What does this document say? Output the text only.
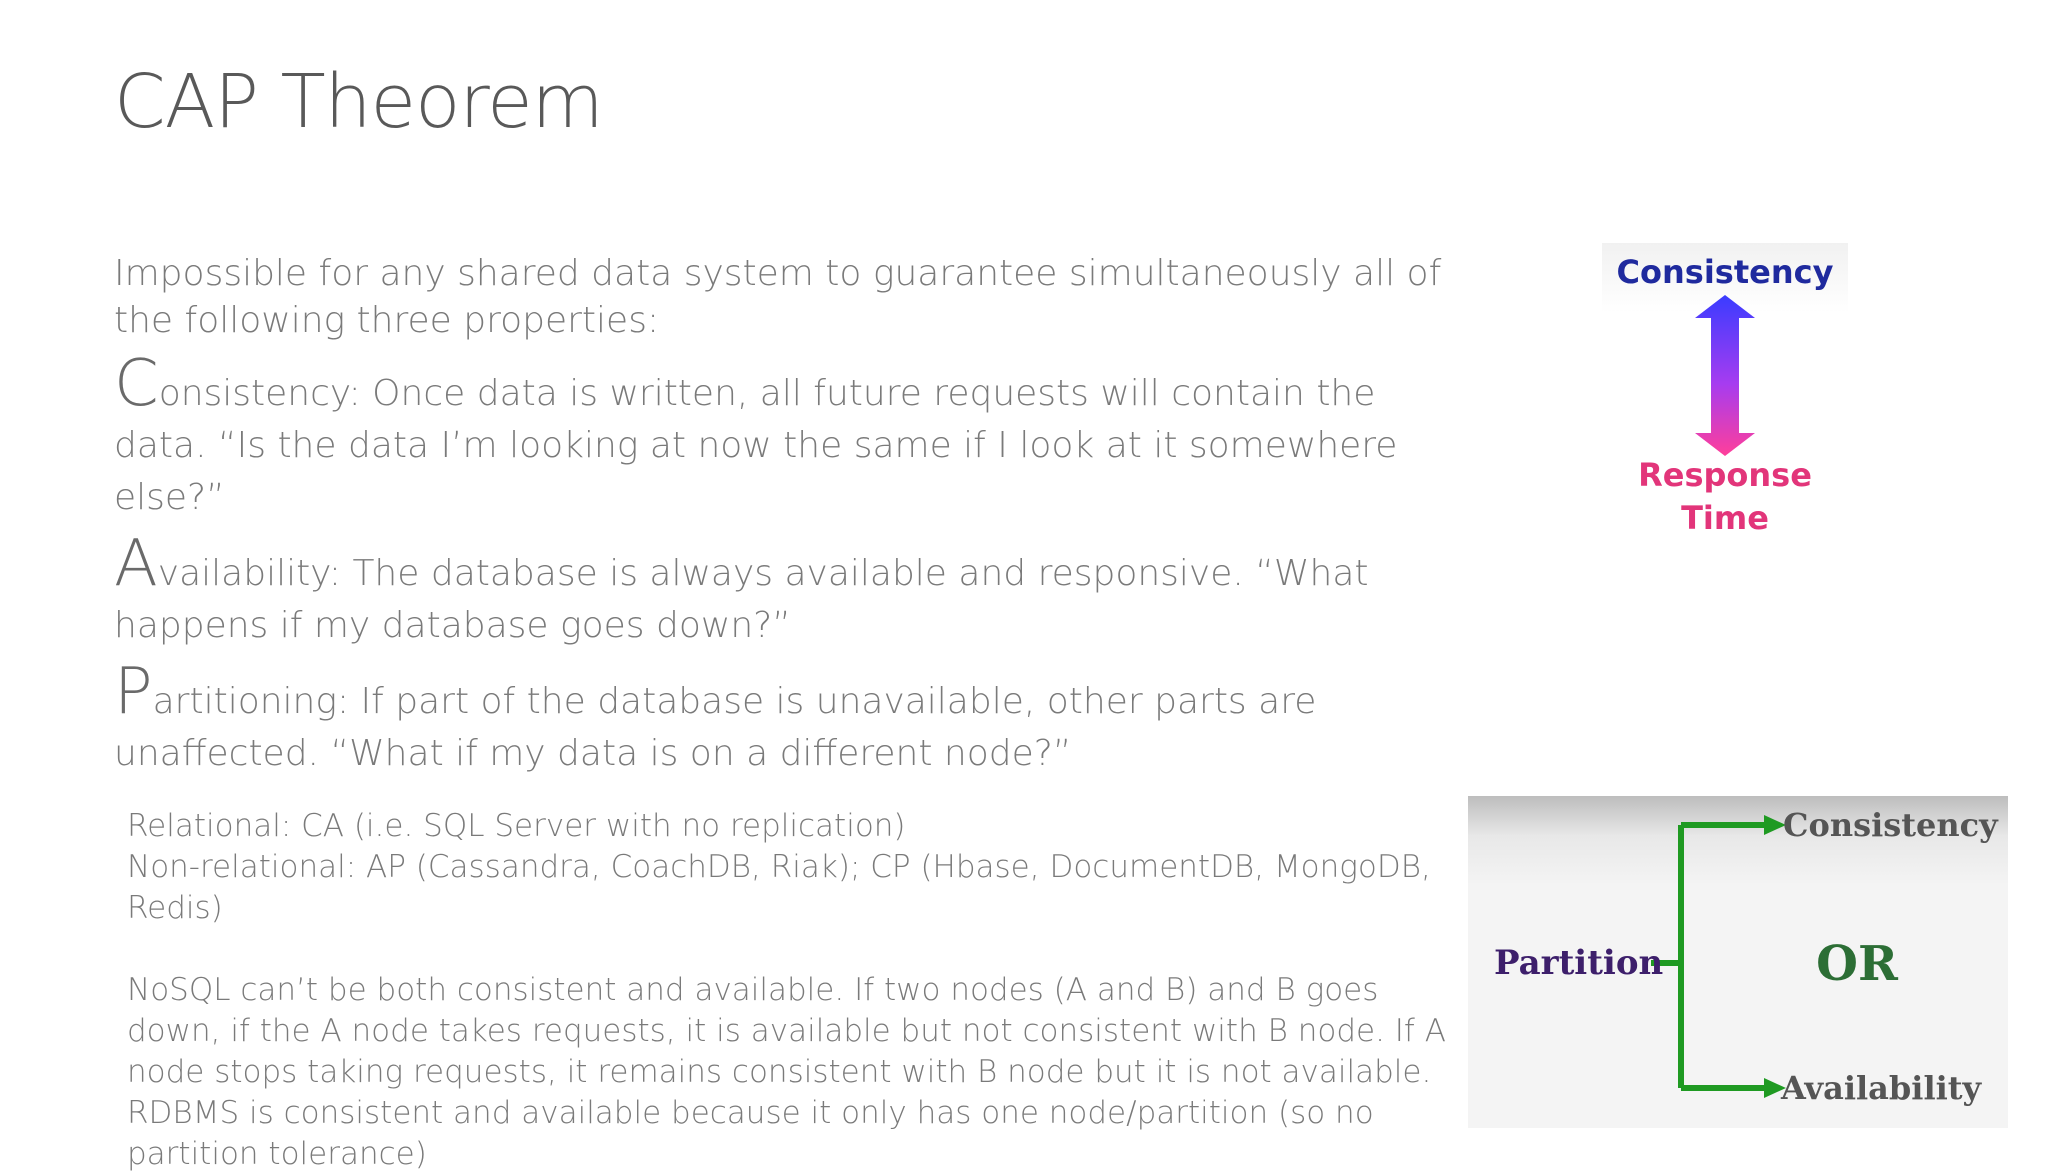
CAP Theorem

Impossible for any shared data system to guarantee simultaneously all of the following three properties:

Consistency: Once data is written, all future requests will contain the data. “Is the data I’m looking at now the same if I look at it somewhere else?”

Availability: The database is always available and responsive. “What happens if my database goes down?”

Partitioning: If part of the database is unavailable, other parts are unaffected. “What if my data is on a different node?”

Relational: CA (i.e. SQL Server with no replication)

Non-relational: AP (Cassandra, CoachDB, Riak); CP (Hbase, DocumentDB, MongoDB, Redis)

NoSQL can’t be both consistent and available. If two nodes (A and B) and B goes down, if the A node takes requests, it is available but not consistent with B node. If A node stops taking requests, it remains consistent with B node but it is not available. RDBMS is consistent and available because it only has one node/partition (so no partition tolerance)

Consistency
Response
Time
Partition
Consistency
OR
Availability
